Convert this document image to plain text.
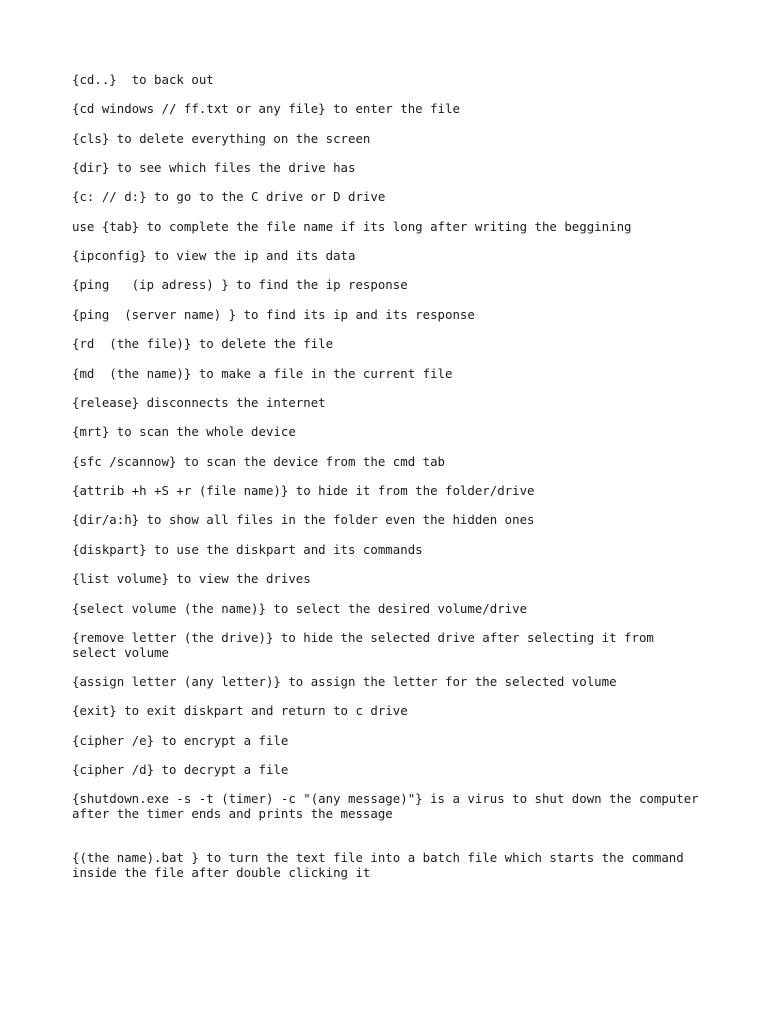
{cd..}  to back out

{cd windows // ff.txt or any file} to enter the file

{cls} to delete everything on the screen

{dir} to see which files the drive has

{c: // d:} to go to the C drive or D drive

use {tab} to complete the file name if its long after writing the beggining

{ipconfig} to view the ip and its data

{ping   (ip adress) } to find the ip response

{ping  (server name) } to find its ip and its response

{rd  (the file)} to delete the file

{md  (the name)} to make a file in the current file

{release} disconnects the internet

{mrt} to scan the whole device

{sfc /scannow} to scan the device from the cmd tab

{attrib +h +S +r (file name)} to hide it from the folder/drive

{dir/a:h} to show all files in the folder even the hidden ones

{diskpart} to use the diskpart and its commands

{list volume} to view the drives

{select volume (the name)} to select the desired volume/drive

{remove letter (the drive)} to hide the selected drive after selecting it from select volume

{assign letter (any letter)} to assign the letter for the selected volume

{exit} to exit diskpart and return to c drive

{cipher /e} to encrypt a file

{cipher /d} to decrypt a file

{shutdown.exe -s -t (timer) -c "(any message)"} is a virus to shut down the computer after the timer ends and prints the message

{(the name).bat } to turn the text file into a batch file which starts the command inside the file after double clicking it
